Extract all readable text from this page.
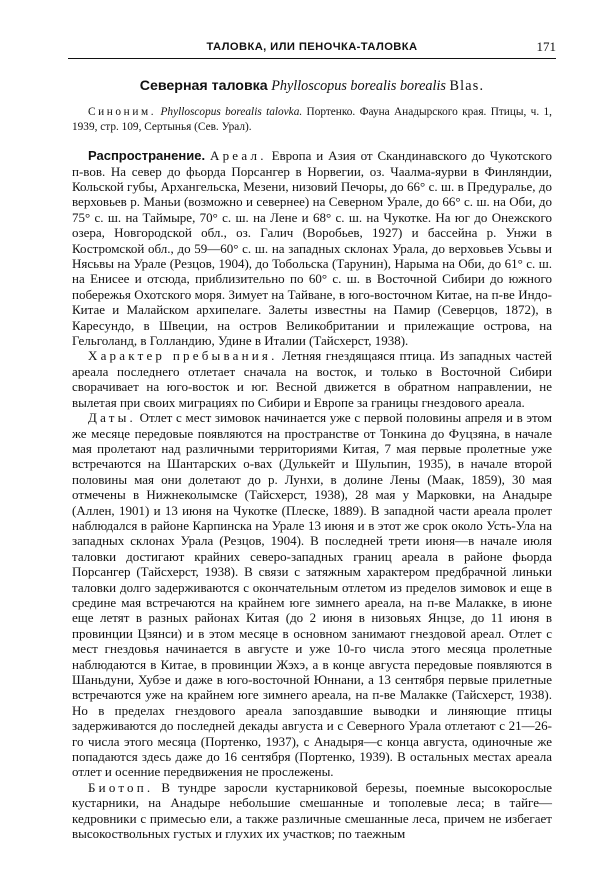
ТАЛОВКА, ИЛИ ПЕНОЧКА-ТАЛОВКА	171
Северная таловка Phylloscopus borealis borealis Blas.
Синоним. Phylloscopus borealis talovka. Портенко. Фауна Анадырского края. Птицы, ч. 1, 1939, стр. 109, Сертынья (Сев. Урал).

Распространение. Ареал. Европа и Азия от Скандинавского до Чукотского п-вов. На север до фьорда Порсангер в Норвегии, оз. Чаалма-яурви в Финляндии, Кольской губы, Архангельска, Мезени, низовий Печоры, до 66° с. ш. в Предуралье, до верховьев р. Маньи (возможно и севернее) на Северном Урале, до 66° с. ш. на Оби, до 75° с. ш. на Таймыре, 70° с. ш. на Лене и 68° с. ш. на Чукотке. На юг до Онежского озера, Новгородской обл., оз. Галич (Воробьев, 1927) и бассейна р. Унжи в Костромской обл., до 59—60° с. ш. на западных склонах Урала, до верховьев Усьвы и Нясьвы на Урале (Резцов, 1904), до Тобольска (Тарунин), Нарыма на Оби, до 61° с. ш. на Енисее и отсюда, приблизительно по 60° с. ш. в Восточной Сибири до южного побережья Охотского моря. Зимует на Тайване, в юго-восточном Китае, на п-ве Индо-Китае и Малайском архипелаге. Залеты известны на Памир (Северцов, 1872), в Каресундо, в Швеции, на остров Великобритании и прилежащие острова, на Гельголанд, в Голландию, Удине в Италии (Тайсхерст, 1938).

Характер пребывания. Летняя гнездящаяся птица. Из западных частей ареала последнего отлетает сначала на восток, и только в Восточной Сибири сворачивает на юго-восток и юг. Весной движется в обратном направлении, не вылетая при своих миграциях по Сибири и Европе за границы гнездового ареала.

Даты. Отлет с мест зимовок начинается уже с первой половины апреля и в этом же месяце передовые появляются на пространстве от Тонкина до Фуцзяна, в начале мая пролетают над различными территориями Китая, 7 мая первые пролетные уже встречаются на Шантарских о-вах (Дулькейт и Шульпин, 1935), в начале второй половины мая они долетают до р. Лунхи, в долине Лены (Маак, 1859), 30 мая отмечены в Нижнеколымске (Тайсхерст, 1938), 28 мая у Марковки, на Анадыре (Аллен, 1901) и 13 июня на Чукотке (Плеске, 1889). В западной части ареала пролет наблюдался в районе Карпинска на Урале 13 июня и в этот же срок около Усть-Ула на западных склонах Урала (Резцов, 1904). В последней трети июня—в начале июля таловки достигают крайних северо-западных границ ареала в районе фьорда Порсангер (Тайсхерст, 1938). В связи с затяжным характером предбрачной линьки таловки долго задерживаются с окончательным отлетом из пределов зимовок и еще в средине мая встречаются на крайнем юге зимнего ареала, на п-ве Малакке, в июне еще летят в разных районах Китая (до 2 июня в низовьях Янцзе, до 11 июня в провинции Цзянси) и в этом месяце в основном занимают гнездовой ареал. Отлет с мест гнездовья начинается в августе и уже 10-го числа этого месяца пролетные наблюдаются в Китае, в провинции Жэхэ, а в конце августа передовые появляются в Шаньдуни, Хубэе и даже в юго-восточной Юннани, а 13 сентября первые прилетные встречаются уже на крайнем юге зимнего ареала, на п-ве Малакке (Тайсхерст, 1938). Но в пределах гнездового ареала запоздавшие выводки и линяющие птицы задерживаются до последней декады августа и с Северного Урала отлетают с 21—26-го числа этого месяца (Портенко, 1937), с Анадыря—с конца августа, одиночные же попадаются здесь даже до 16 сентября (Портенко, 1939). В остальных местах ареала отлет и осенние передвижения не прослежены.

Биотоп. В тундре заросли кустарниковой березы, поемные высокорослые кустарники, на Анадыре небольшие смешанные и тополевые леса; в тайге—кедровники с примесью ели, а также различные смешанные леса, причем не избегает высокоствольных густых и глухих их участков; по таежным
